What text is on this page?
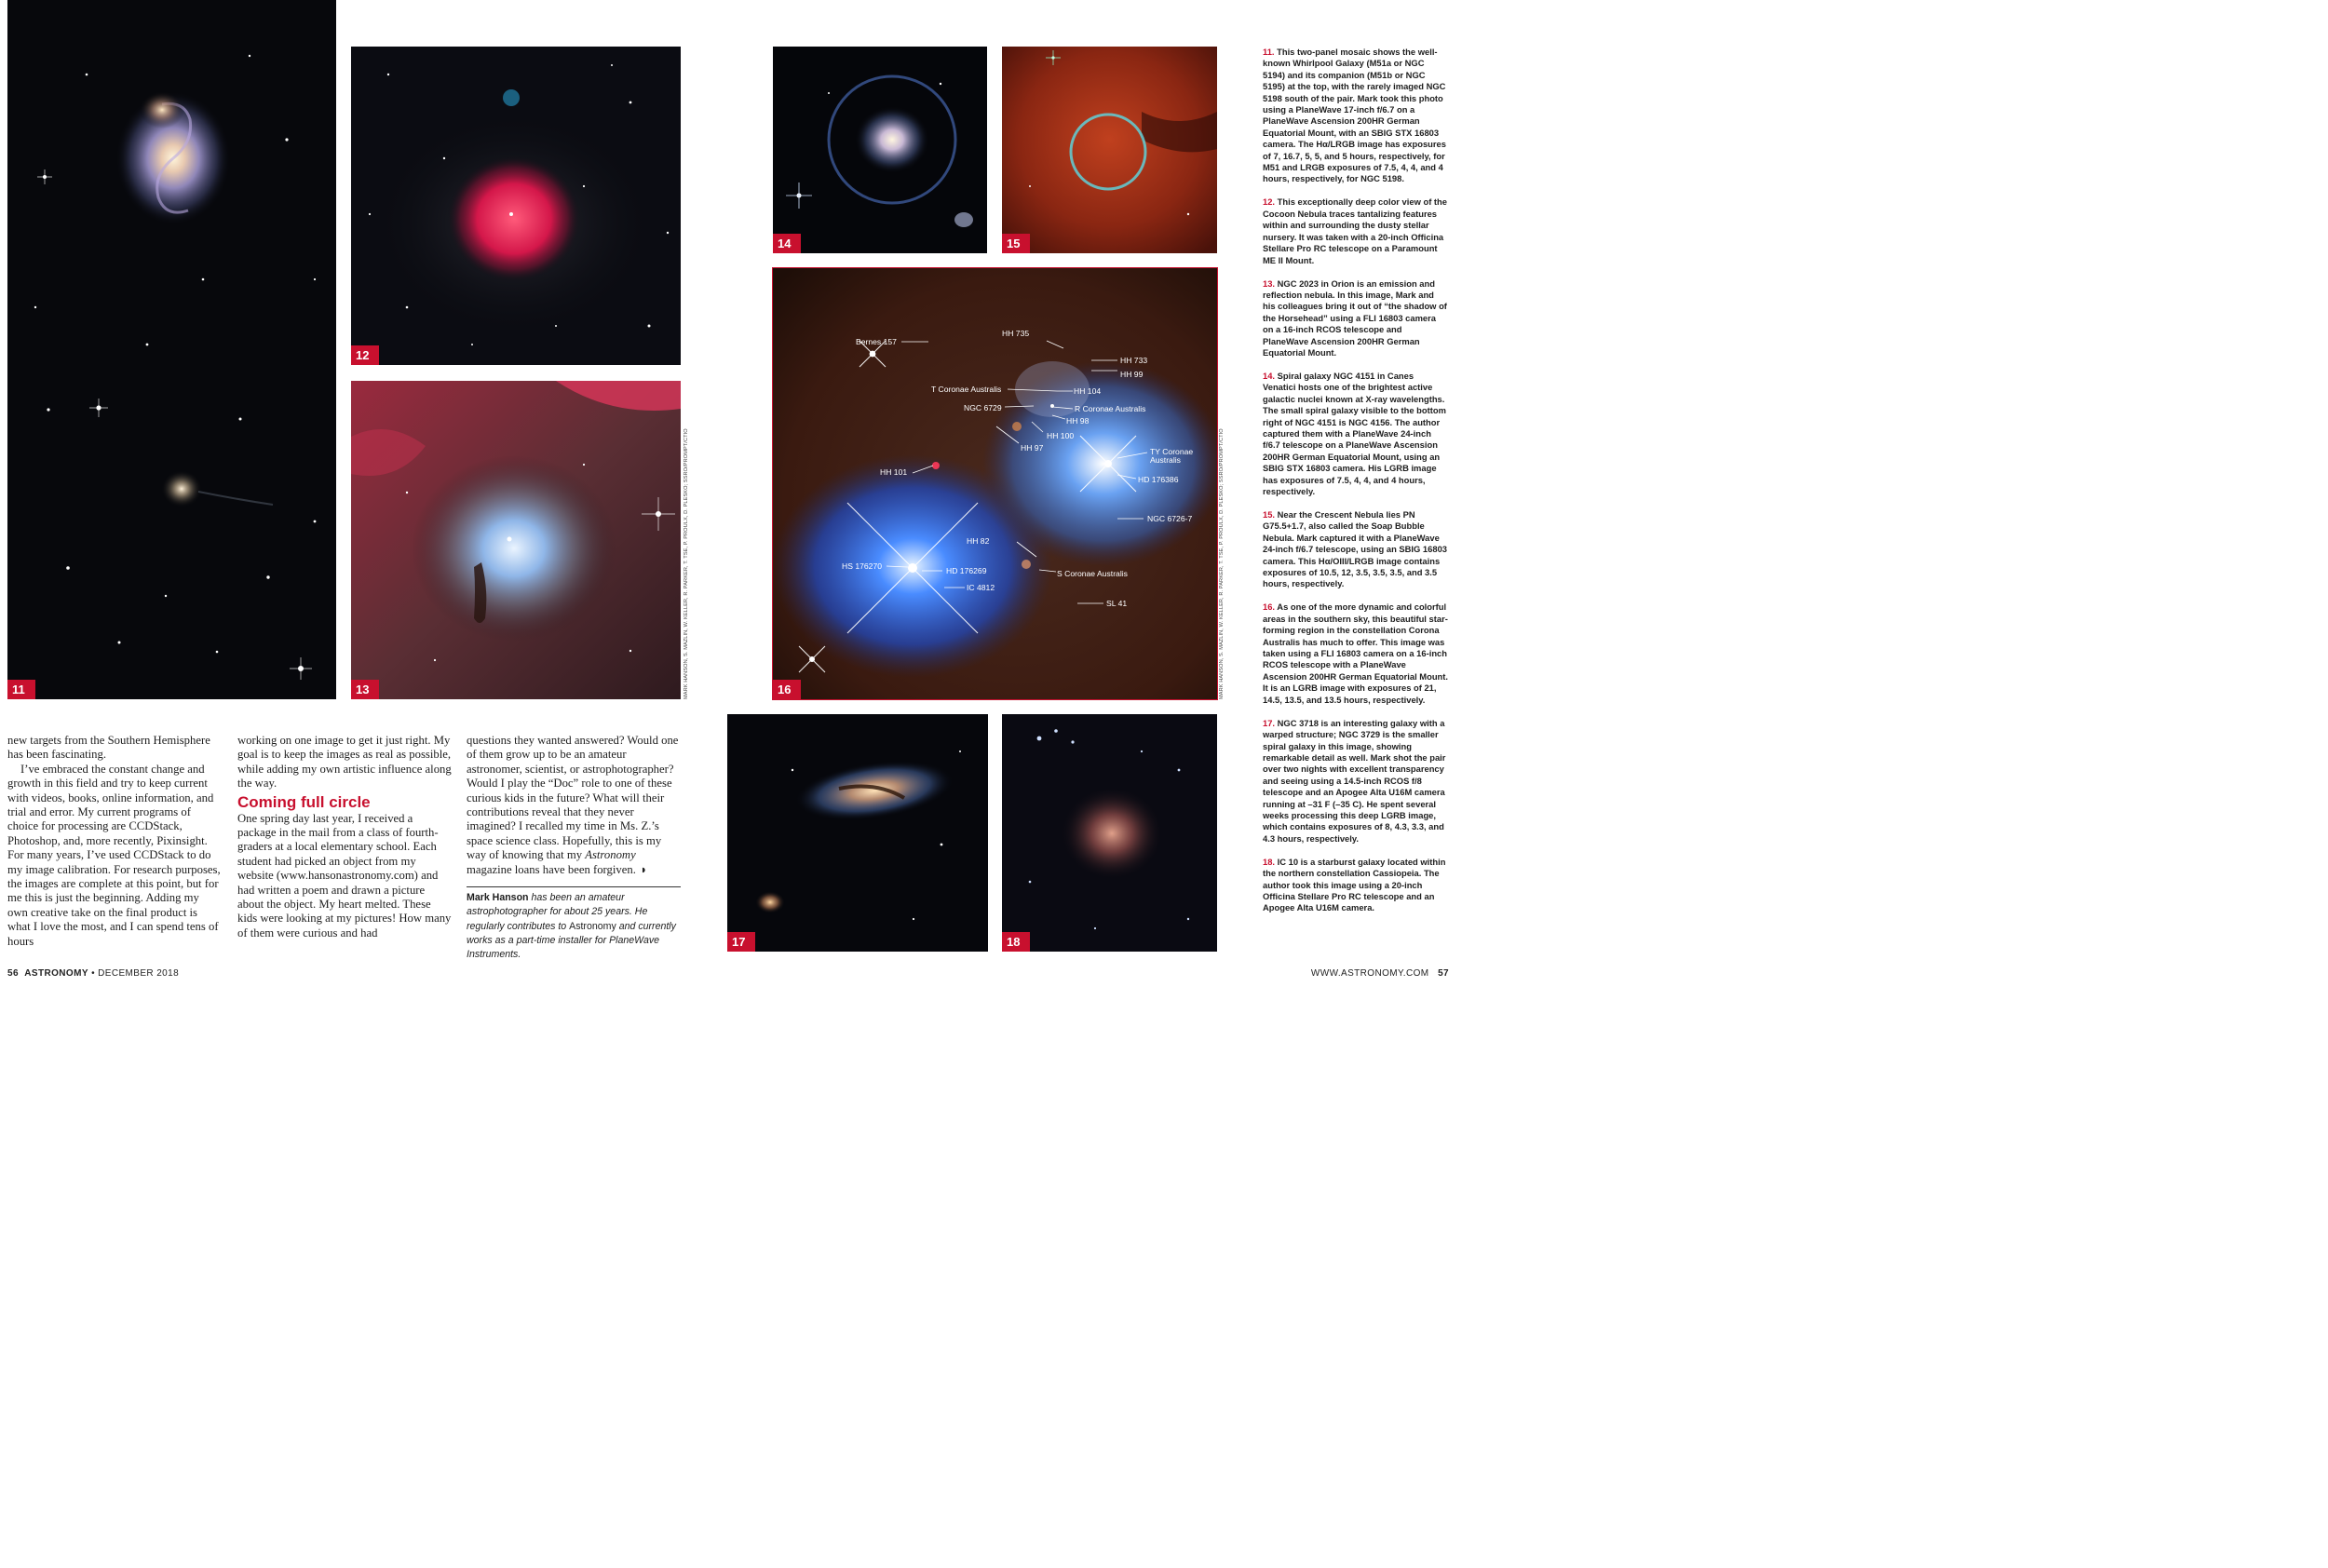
11
12
13	MARK HANSON, S. MAZLIN, W. KELLER, R. PARKER, T. TSE, P. PROULX, D. PLESKO; SSRO/PROMPT/CTIO

new targets from the Southern Hemisphere has been fascinating.

I’ve embraced the constant change and growth in this field and try to keep current with videos, books, online information, and trial and error. My current programs of choice for processing are CCDStack, Photoshop, and, more recently, Pixinsight. For many years, I’ve used CCDStack to do my image calibration. For research purposes, the images are complete at this point, but for me this is just the beginning. Adding my own creative take on the final product is what I love the most, and I can spend tens of hours

working on one image to get it just right. My goal is to keep the images as real as possible, while adding my own artistic influence along the way.

Coming full circle

One spring day last year, I received a package in the mail from a class of fourth-graders at a local elementary school. Each student had picked an object from my website (www.hansonastronomy.com) and had written a poem and drawn a picture about the object. My heart melted. These kids were looking at my pictures! How many of them were curious and had

questions they wanted answered? Would one of them grow up to be an amateur astronomer, scientist, or astrophotographer? Would I play the “Doc” role to one of these curious kids in the future? What will their contributions reveal that they never imagined? I recalled my time in Ms. Z.’s space science class. Hopefully, this is my way of knowing that my Astronomy magazine loans have been forgiven. ◑

Mark Hanson has been an amateur astrophotographer for about 25 years. He regularly contributes to Astronomy and currently works as a part-time installer for PlaneWave Instruments.
14	15
Bernes 157
HH 735
HH 733
HH 99
T Coronae Australis	HH 104
NGC 6729	R Coronae Australis
HH 98
HH 100
HH 97	TY Coronae
Australis
HH 101
HD 176386
NGC 6726-7
HH 82
HS 176270	HD 176269	S Coronae Australis
IC 4812
SL 41
16	MARK HANSON, S. MAZLIN, W. KELLER, R. PARKER, T. TSE, P. PROULX, D. PLESKO; SSRO/PROMPT/CTIO
17	18

11. This two-panel mosaic shows the well-known Whirlpool Galaxy (M51a or NGC 5194) and its companion (M51b or NGC 5195) at the top, with the rarely imaged NGC 5198 south of the pair. Mark took this photo using a PlaneWave 17-inch f/6.7 on a PlaneWave Ascension 200HR German Equatorial Mount, with an SBIG STX 16803 camera. The Hα/LRGB image has exposures of 7, 16.7, 5, 5, and 5 hours, respectively, for M51 and LRGB exposures of 7.5, 4, 4, and 4 hours, respectively, for NGC 5198.

12. This exceptionally deep color view of the Cocoon Nebula traces tantalizing features within and surrounding the dusty stellar nursery. It was taken with a 20-inch Officina Stellare Pro RC telescope on a Paramount ME II Mount.

13. NGC 2023 in Orion is an emission and reflection nebula. In this image, Mark and his colleagues bring it out of “the shadow of the Horsehead” using a FLI 16803 camera on a 16-inch RCOS telescope and PlaneWave Ascension 200HR German Equatorial Mount.

14. Spiral galaxy NGC 4151 in Canes Venatici hosts one of the brightest active galactic nuclei known at X-ray wavelengths. The small spiral galaxy visible to the bottom right of NGC 4151 is NGC 4156. The author captured them with a PlaneWave 24-inch f/6.7 telescope on a PlaneWave Ascension 200HR German Equatorial Mount, using an SBIG STX 16803 camera. His LGRB image has exposures of 7.5, 4, 4, and 4 hours, respectively.

15. Near the Crescent Nebula lies PN G75.5+1.7, also called the Soap Bubble Nebula. Mark captured it with a PlaneWave 24-inch f/6.7 telescope, using an SBIG 16803 camera. This Hα/OIII/LRGB image contains exposures of 10.5, 12, 3.5, 3.5, 3.5, and 3.5 hours, respectively.

16. As one of the more dynamic and colorful areas in the southern sky, this beautiful star-forming region in the constellation Corona Australis has much to offer. This image was taken using a FLI 16803 camera on a 16-inch RCOS telescope with a PlaneWave Ascension 200HR German Equatorial Mount. It is an LGRB image with exposures of 21, 14.5, 13.5, and 13.5 hours, respectively.

17. NGC 3718 is an interesting galaxy with a warped structure; NGC 3729 is the smaller spiral galaxy in this image, showing remarkable detail as well. Mark shot the pair over two nights with excellent transparency and seeing using a 14.5-inch RCOS f/8 telescope and an Apogee Alta U16M camera running at –31 F (–35 C). He spent several weeks processing this deep LGRB image, which contains exposures of 8, 4.3, 3.3, and 4.3 hours, respectively.

18. IC 10 is a starburst galaxy located within the northern constellation Cassiopeia. The author took this image using a 20-inch Officina Stellare Pro RC telescope and an Apogee Alta U16M camera.

56 ASTRONOMY • DECEMBER 2018	WWW.ASTRONOMY.COM 57
